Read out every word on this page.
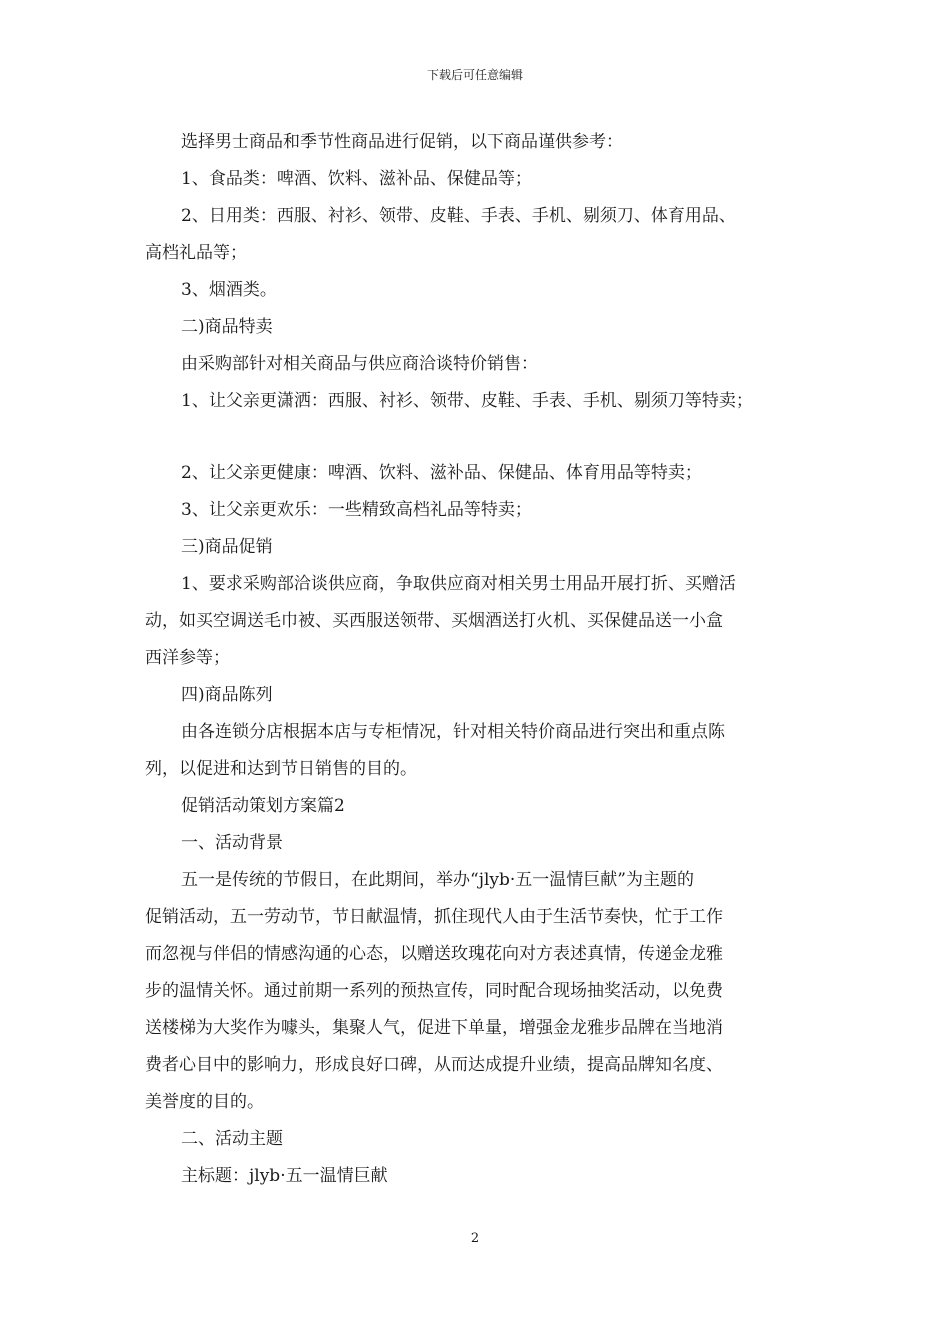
下载后可任意编辑
选择男士商品和季节性商品进行促销，以下商品谨供参考：
1、食品类：啤酒、饮料、滋补品、保健品等；
2、日用类：西服、衬衫、领带、皮鞋、手表、手机、剔须刀、体育用品、
高档礼品等；
3、烟酒类。
二)商品特卖
由采购部针对相关商品与供应商洽谈特价销售：
1、让父亲更潇洒：西服、衬衫、领带、皮鞋、手表、手机、剔须刀等特卖；
2、让父亲更健康：啤酒、饮料、滋补品、保健品、体育用品等特卖；
3、让父亲更欢乐：一些精致高档礼品等特卖；
三)商品促销
1、要求采购部洽谈供应商，争取供应商对相关男士用品开展打折、买赠活
动，如买空调送毛巾被、买西服送领带、买烟酒送打火机、买保健品送一小盒
西洋参等；
四)商品陈列
由各连锁分店根据本店与专柜情况，针对相关特价商品进行突出和重点陈
列，以促进和达到节日销售的目的。
促销活动策划方案篇2
一、活动背景
五一是传统的节假日，在此期间，举办“jlyb·五一温情巨献”为主题的
促销活动，五一劳动节，节日献温情，抓住现代人由于生活节奏快，忙于工作
而忽视与伴侣的情感沟通的心态，以赠送玫瑰花向对方表述真情，传递金龙雅
步的温情关怀。通过前期一系列的预热宣传，同时配合现场抽奖活动，以免费
送楼梯为大奖作为噱头，集聚人气，促进下单量，增强金龙雅步品牌在当地消
费者心目中的影响力，形成良好口碑，从而达成提升业绩，提高品牌知名度、
美誉度的目的。
二、活动主题
主标题：jlyb·五一温情巨献
2
